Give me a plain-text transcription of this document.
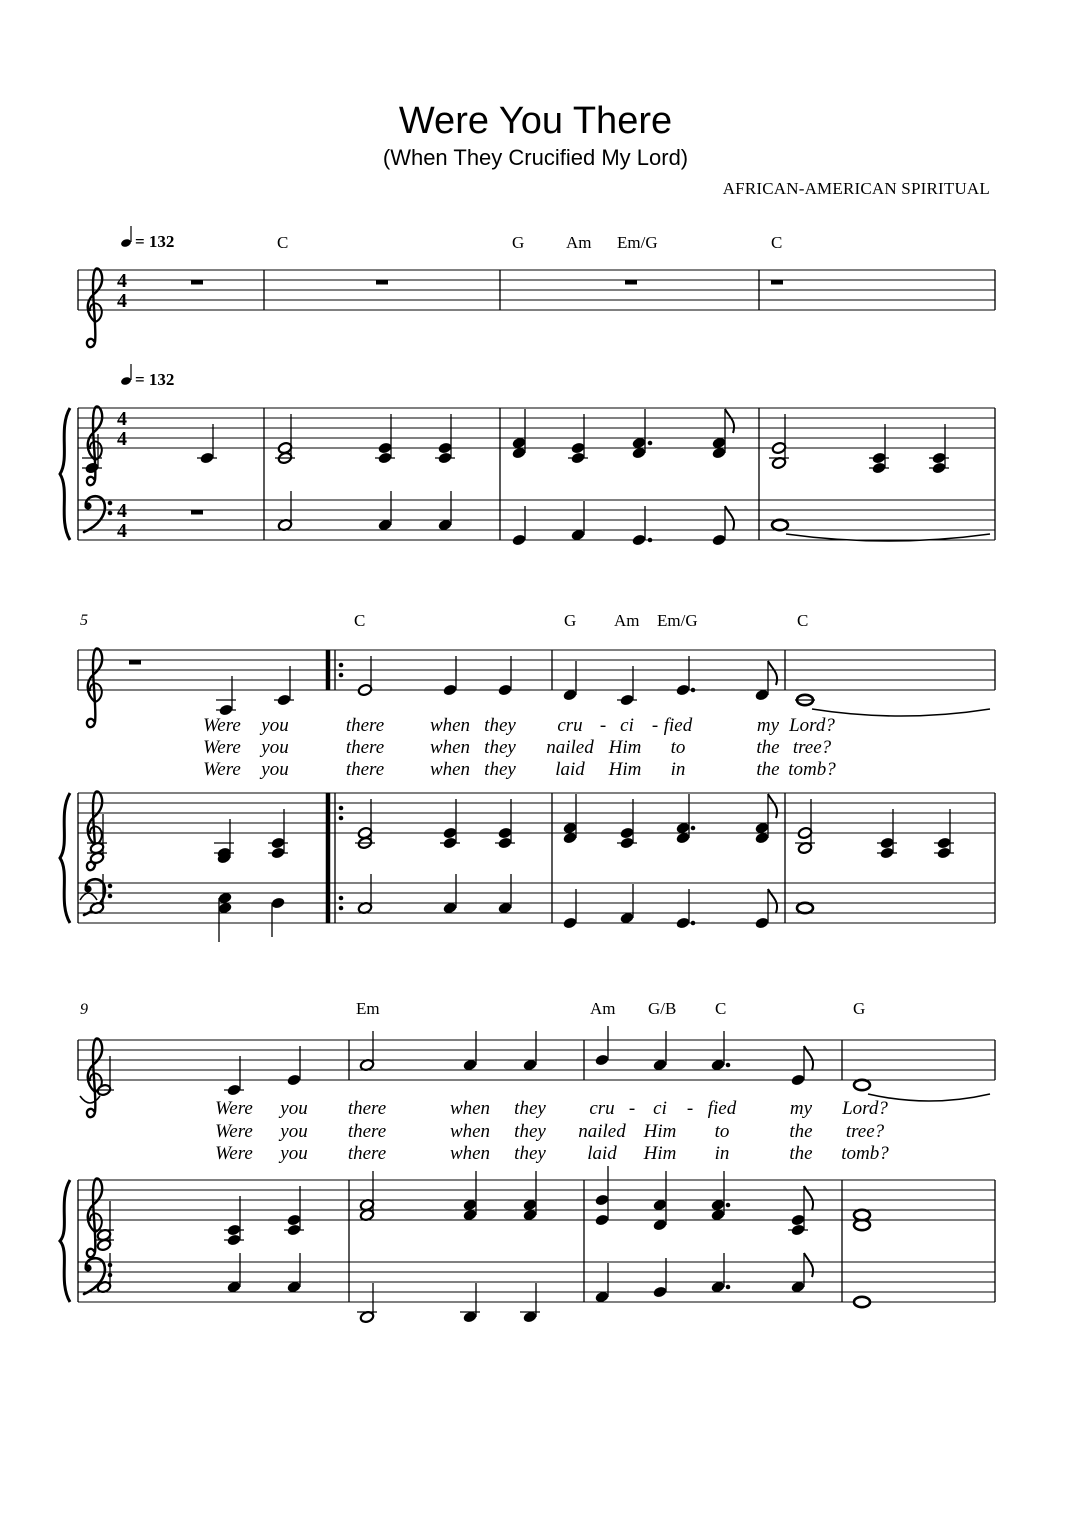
Were You There
(When They Crucified My Lord)
AFRICAN-AMERICAN SPIRITUAL
4
4
4
4
4
4
= 132
= 132
C	G Am Em/G	C
5	C	G Am Em/G	C
Were you	there when they cru - ci - fied	my Lord?
Were you	there when they nailed Him to	the tree?
Were you	there when they laid Him in	the tomb?
9	Em	Am G/B C	G
Were you there	when they cru - ci - fied	my Lord?
Were you there	when they nailed Him to	the tree?
Were you there	when they laid Him in	the tomb?
